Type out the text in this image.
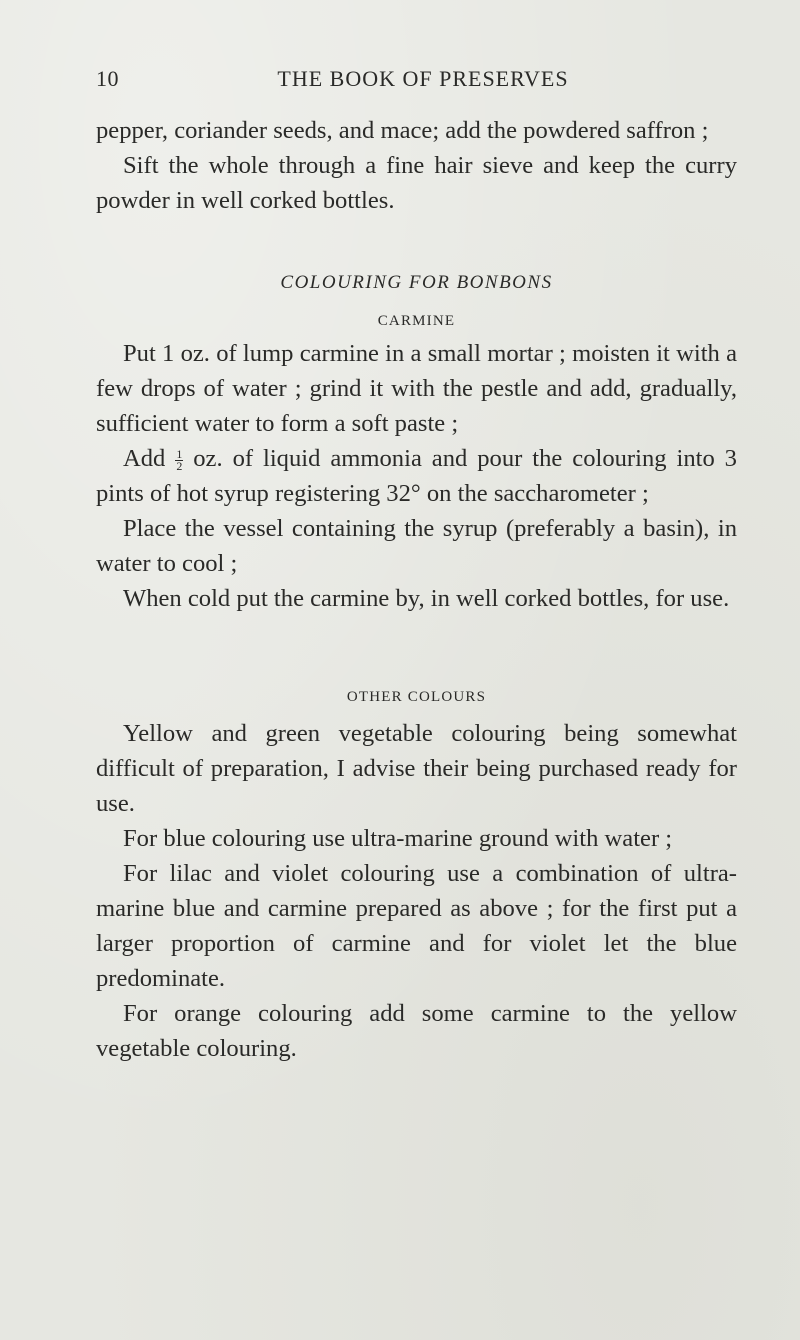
10	THE BOOK OF PRESERVES

pepper, coriander seeds, and mace; add the powdered saffron ;

Sift the whole through a fine hair sieve and keep the curry powder in well corked bottles.

COLOURING FOR BONBONS
CARMINE

Put 1 oz. of lump carmine in a small mortar ; moisten it with a few drops of water ; grind it with the pestle and add, gradually, sufficient water to form a soft paste ;

Add $\frac{1}{2}$ oz. of liquid ammonia and pour the colouring into 3 pints of hot syrup registering 32° on the saccharometer ;

Place the vessel containing the syrup (preferably a basin), in water to cool ;

When cold put the carmine by, in well corked bottles, for use.

OTHER COLOURS

Yellow and green vegetable colouring being somewhat difficult of preparation, I advise their being purchased ready for use.

For blue colouring use ultra-marine ground with water ;

For lilac and violet colouring use a combination of ultra-marine blue and carmine prepared as above ; for the first put a larger proportion of carmine and for violet let the blue predominate.

For orange colouring add some carmine to the yellow vegetable colouring.
